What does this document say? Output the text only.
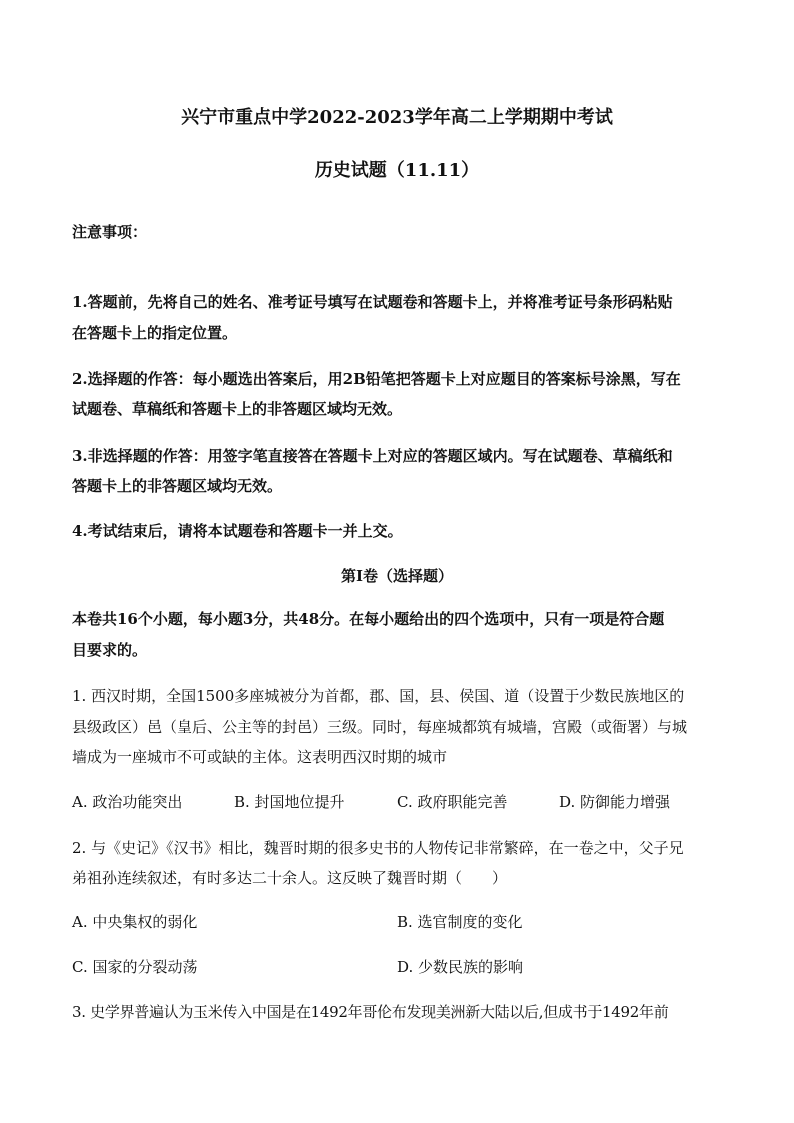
兴宁市重点中学2022-2023学年高二上学期期中考试
历史试题（11.11）
注意事项：
1.答题前，先将自己的姓名、准考证号填写在试题卷和答题卡上，并将准考证号条形码粘贴
在答题卡上的指定位置。
2.选择题的作答：每小题选出答案后，用2B铅笔把答题卡上对应题目的答案标号涂黑，写在
试题卷、草稿纸和答题卡上的非答题区域均无效。
3.非选择题的作答：用签字笔直接答在答题卡上对应的答题区域内。写在试题卷、草稿纸和
答题卡上的非答题区域均无效。
4.考试结束后，请将本试题卷和答题卡一并上交。
第Ⅰ卷（选择题）
本卷共16个小题，每小题3分，共48分。在每小题给出的四个选项中，只有一项是符合题
目要求的。
1. 西汉时期，全国1500多座城被分为首都，郡、国，县、侯国、道（设置于少数民族地区的
县级政区）邑（皇后、公主等的封邑）三级。同时，每座城都筑有城墙，宫殿（或衙署）与城
墙成为一座城市不可或缺的主体。这表明西汉时期的城市
A. 政治功能突出	B. 封国地位提升	C. 政府职能完善	D. 防御能力增强
2. 与《史记》《汉书》相比，魏晋时期的很多史书的人物传记非常繁碎，在一卷之中，父子兄
弟祖孙连续叙述，有时多达二十余人。这反映了魏晋时期（　　）
A. 中央集权的弱化	B. 选官制度的变化
C. 国家的分裂动荡	D. 少数民族的影响
3. 史学界普遍认为玉米传入中国是在1492年哥伦布发现美洲新大陆以后,但成书于1492年前
